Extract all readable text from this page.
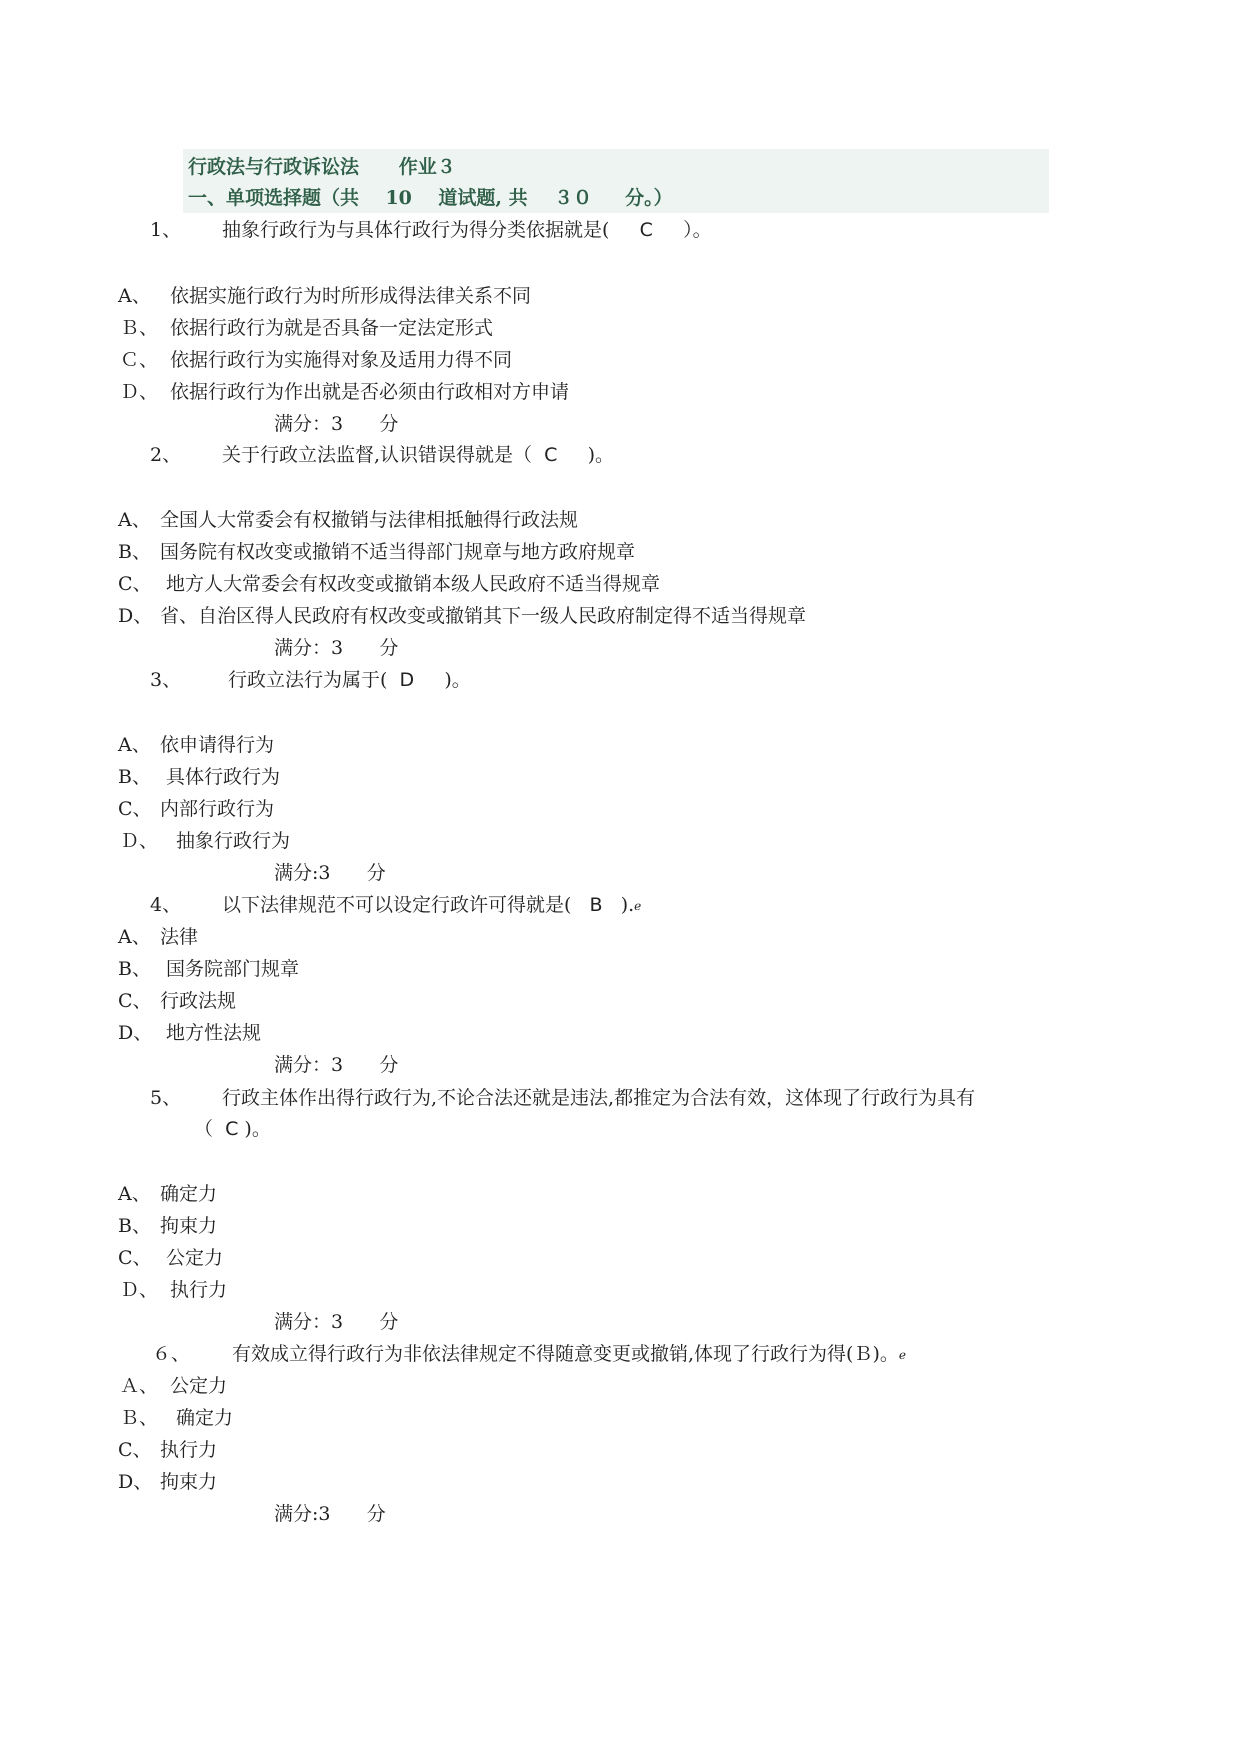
行政法与行政诉讼法      作业３
一、单项选择题（共    10    道试题, 共    ３０     分。）
1、 抽象行政行为与具体行政行为得分类依据就是(     C     ）。
A、 依据实施行政行为时所形成得法律关系不同
Ｂ、 依据行政行为就是否具备一定法定形式
Ｃ、 依据行政行为实施得对象及适用力得不同
Ｄ、 依据行政行为作出就是否必须由行政相对方申请
满分：3      分
2、 关于行政立法监督,认识错误得就是（  C     )。
A、 全国人大常委会有权撤销与法律相抵触得行政法规
B、 国务院有权改变或撤销不适当得部门规章与地方政府规章
C、 地方人大常委会有权改变或撤销本级人民政府不适当得规章
D、 省、自治区得人民政府有权改变或撤销其下一级人民政府制定得不适当得规章
满分：3      分
3、 行政立法行为属于(  D     )。
A、 依申请得行为
B、 具体行政行为
C、 内部行政行为
Ｄ、 抽象行政行为
满分:3      分
4、 以下法律规范不可以设定行政许可得就是(   B   ).ℯ
A、 法律
B、 国务院部门规章
C、 行政法规
D、 地方性法规
满分：3      分
5、 行政主体作出得行政行为,不论合法还就是违法,都推定为合法有效，这体现了行政行为具有
（  C )。
A、 确定力
B、 拘束力
C、 公定力
Ｄ、 执行力
满分：3      分
６、 有效成立得行政行为非依法律规定不得随意变更或撤销,体现了行政行为得(Ｂ)。ℯ
Ａ、 公定力
Ｂ、 确定力
C、 执行力
D、 拘束力
满分:3      分
